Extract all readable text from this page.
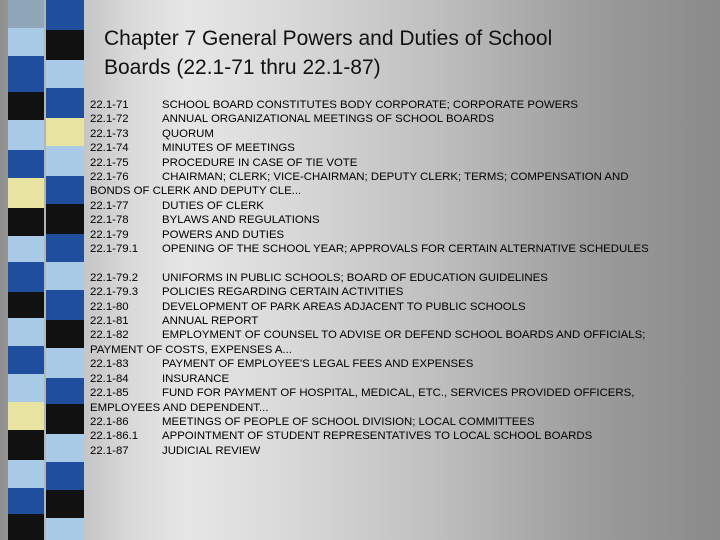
Chapter 7 General Powers and Duties of School
Boards (22.1-71 thru 22.1-87)
22.1-71	SCHOOL BOARD CONSTITUTES BODY CORPORATE; CORPORATE POWERS
22.1-72	ANNUAL ORGANIZATIONAL MEETINGS OF SCHOOL BOARDS
22.1-73	QUORUM
22.1-74	MINUTES OF MEETINGS
22.1-75	PROCEDURE IN CASE OF TIE VOTE
22.1-76	CHAIRMAN; CLERK; VICE-CHAIRMAN; DEPUTY CLERK; TERMS; COMPENSATION AND
BONDS OF CLERK AND DEPUTY CLE...
22.1-77	DUTIES OF CLERK
22.1-78	BYLAWS AND REGULATIONS
22.1-79	POWERS AND DUTIES
22.1-79.1	OPENING OF THE SCHOOL YEAR; APPROVALS FOR CERTAIN ALTERNATIVE SCHEDULES
22.1-79.2	UNIFORMS IN PUBLIC SCHOOLS; BOARD OF EDUCATION GUIDELINES
22.1-79.3	POLICIES REGARDING CERTAIN ACTIVITIES
22.1-80	DEVELOPMENT OF PARK AREAS ADJACENT TO PUBLIC SCHOOLS
22.1-81	ANNUAL REPORT
22.1-82	EMPLOYMENT OF COUNSEL TO ADVISE OR DEFEND SCHOOL BOARDS AND OFFICIALS;
PAYMENT OF COSTS, EXPENSES A...
22.1-83	PAYMENT OF EMPLOYEE'S LEGAL FEES AND EXPENSES
22.1-84	INSURANCE
22.1-85	FUND FOR PAYMENT OF HOSPITAL, MEDICAL, ETC., SERVICES PROVIDED OFFICERS,
EMPLOYEES AND DEPENDENT...
22.1-86	MEETINGS OF PEOPLE OF SCHOOL DIVISION; LOCAL COMMITTEES
22.1-86.1	APPOINTMENT OF STUDENT REPRESENTATIVES TO LOCAL SCHOOL BOARDS
22.1-87	JUDICIAL REVIEW
